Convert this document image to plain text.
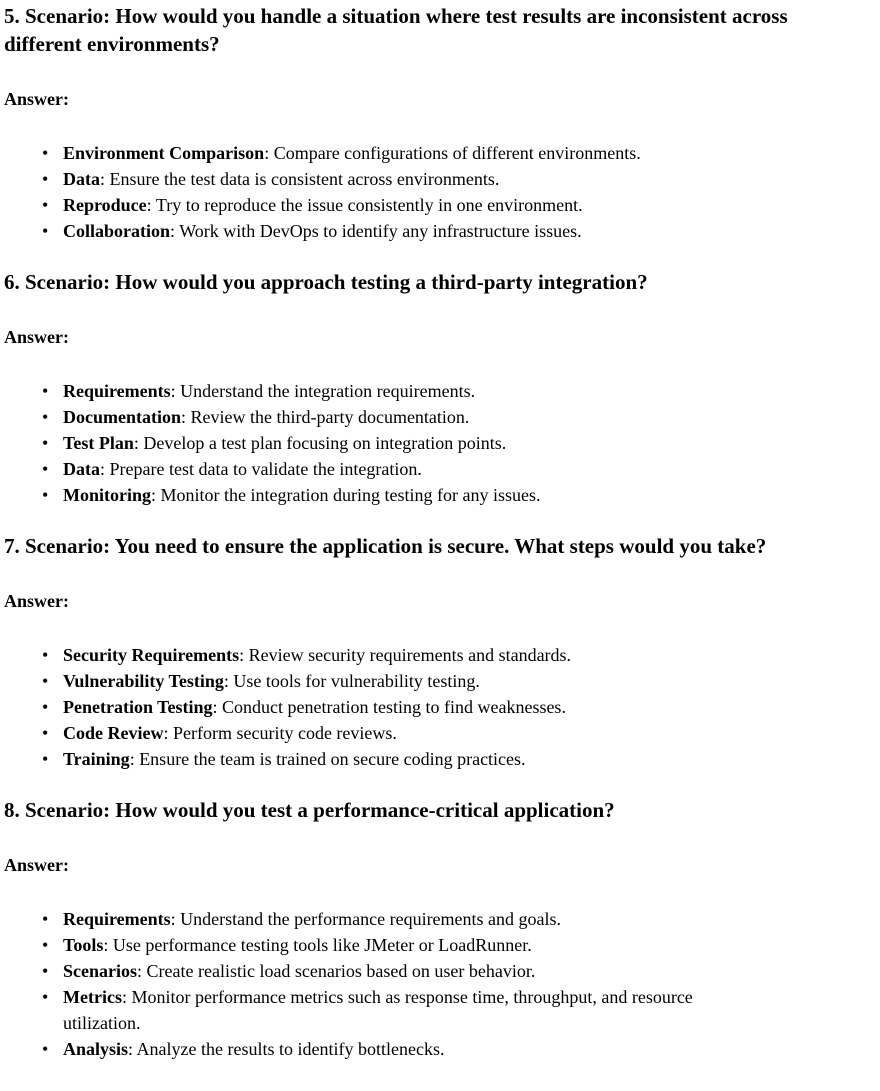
5. Scenario: How would you handle a situation where test results are inconsistent across different environments?

Answer:

• Environment Comparison: Compare configurations of different environments.
• Data: Ensure the test data is consistent across environments.
• Reproduce: Try to reproduce the issue consistently in one environment.
• Collaboration: Work with DevOps to identify any infrastructure issues.
6. Scenario: How would you approach testing a third-party integration?

Answer:

• Requirements: Understand the integration requirements.
• Documentation: Review the third-party documentation.
• Test Plan: Develop a test plan focusing on integration points.
• Data: Prepare test data to validate the integration.
• Monitoring: Monitor the integration during testing for any issues.
7. Scenario: You need to ensure the application is secure. What steps would you take?

Answer:

• Security Requirements: Review security requirements and standards.
• Vulnerability Testing: Use tools for vulnerability testing.
• Penetration Testing: Conduct penetration testing to find weaknesses.
• Code Review: Perform security code reviews.
• Training: Ensure the team is trained on secure coding practices.
8. Scenario: How would you test a performance-critical application?

Answer:

• Requirements: Understand the performance requirements and goals.
• Tools: Use performance testing tools like JMeter or LoadRunner.
• Scenarios: Create realistic load scenarios based on user behavior.
• Metrics: Monitor performance metrics such as response time, throughput, and resource utilization.
• Analysis: Analyze the results to identify bottlenecks.
